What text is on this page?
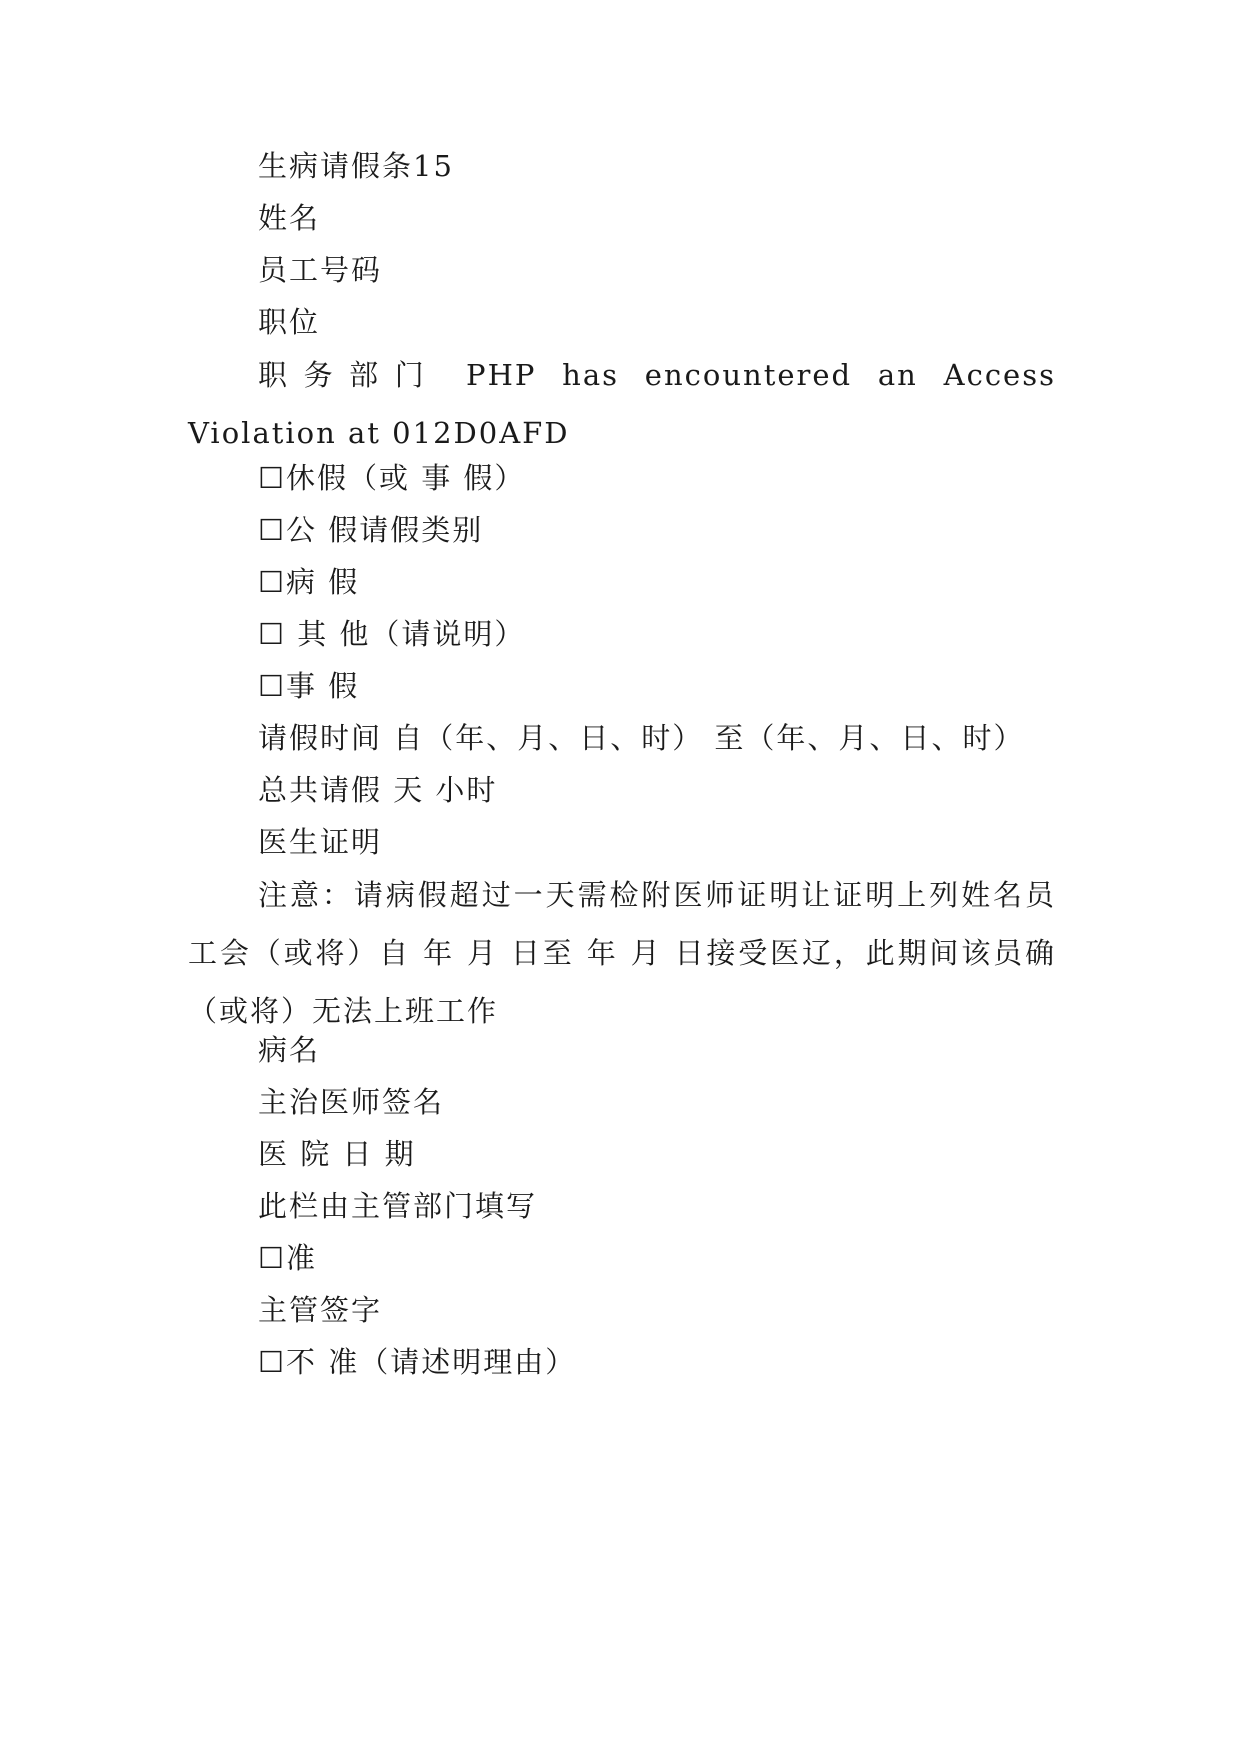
生病请假条15
姓名
员工号码
职位
职务部门 PHP has encountered an Access Violation at 012D0AFD
☐休假（或 事 假）
☐公 假请假类别
☐病 假
☐ 其 他（请说明）
☐事 假
请假时间 自（年、月、日、时） 至（年、月、日、时）
总共请假 天 小时
医生证明
注意：请病假超过一天需检附医师证明让证明上列姓名员工会（或将）自 年 月 日至 年 月 日接受医辽，此期间该员确（或将）无法上班工作
病名
主治医师签名
医 院 日 期
此栏由主管部门填写
☐准
主管签字
☐不 准（请述明理由）
